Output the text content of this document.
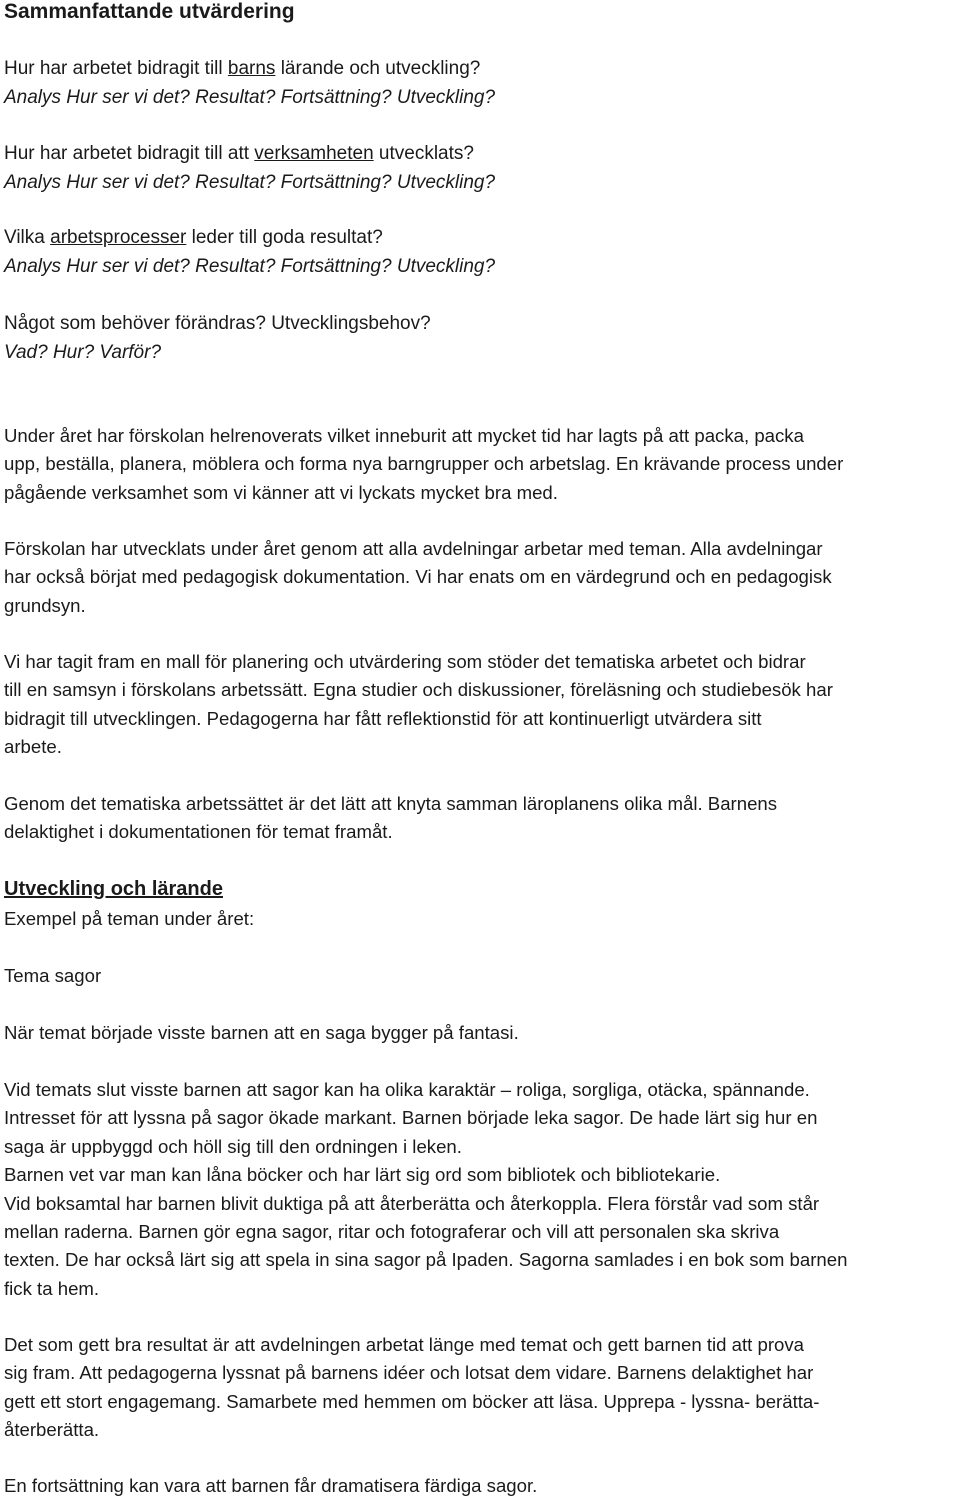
Sammanfattande utvärdering
Hur har arbetet bidragit till barns lärande och utveckling?
Analys Hur ser vi det? Resultat? Fortsättning? Utveckling?
Hur har arbetet bidragit till att verksamheten utvecklats?
Analys Hur ser vi det? Resultat? Fortsättning? Utveckling?
Vilka arbetsprocesser leder till goda resultat?
Analys Hur ser vi det? Resultat? Fortsättning? Utveckling?
Något som behöver förändras? Utvecklingsbehov?
Vad? Hur? Varför?
Under året har förskolan helrenoverats vilket inneburit att mycket tid har lagts på att packa, packa
upp, beställa, planera, möblera och forma nya barngrupper och arbetslag. En krävande process under
pågående verksamhet som vi känner att vi lyckats mycket bra med.
Förskolan har utvecklats under året genom att alla avdelningar arbetar med teman. Alla avdelningar
har också börjat med pedagogisk dokumentation. Vi har enats om en värdegrund och en pedagogisk
grundsyn.
Vi har tagit fram en mall för planering och utvärdering som stöder det tematiska arbetet och bidrar
till en samsyn i förskolans arbetssätt. Egna studier och diskussioner, föreläsning och studiebesök har
bidragit till utvecklingen. Pedagogerna har fått reflektionstid för att kontinuerligt utvärdera sitt
arbete.
Genom det tematiska arbetssättet är det lätt att knyta samman läroplanens olika mål. Barnens
delaktighet i dokumentationen för temat framåt.
Utveckling och lärande
Exempel på teman under året:
Tema sagor
När temat började visste barnen att en saga bygger på fantasi.
Vid temats slut visste barnen att sagor kan ha olika karaktär – roliga, sorgliga, otäcka, spännande.
Intresset för att lyssna på sagor ökade markant. Barnen började leka sagor. De hade lärt sig hur en
saga är uppbyggd och höll sig till den ordningen i leken.
Barnen vet var man kan låna böcker och har lärt sig ord som bibliotek och bibliotekarie.
Vid boksamtal har barnen blivit duktiga på att återberätta och återkoppla. Flera förstår vad som står
mellan raderna. Barnen gör egna sagor, ritar och fotograferar och vill att personalen ska skriva
texten. De har också lärt sig att spela in sina sagor på Ipaden. Sagorna samlades i en bok som barnen
fick ta hem.
Det som gett bra resultat är att avdelningen arbetat länge med temat och gett barnen tid att prova
sig fram. Att pedagogerna lyssnat på barnens idéer och lotsat dem vidare. Barnens delaktighet har
gett ett stort engagemang. Samarbete med hemmen om böcker att läsa. Upprepa - lyssna- berätta-
återberätta.
En fortsättning kan vara att barnen får dramatisera färdiga sagor.
